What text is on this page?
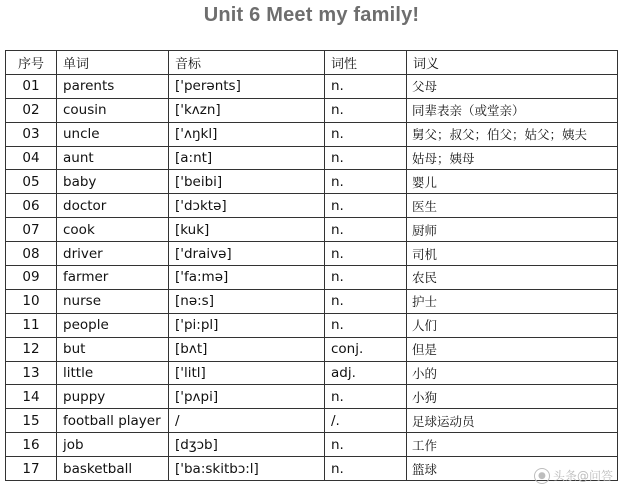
Unit 6 Meet my family!
序号	单词	音标	词性	词义
01	parents	['perənts]	n.	父母
02	cousin	['kʌzn]	n.	同辈表亲（或堂亲）
03	uncle	['ʌŋkl]	n.	舅父；叔父；伯父；姑父；姨夫
04	aunt	[a:nt]	n.	姑母；姨母
05	baby	['beibi]	n.	婴儿
06	doctor	['dɔktə]	n.	医生
07	cook	[kuk]	n.	厨师
08	driver	['draivə]	n.	司机
09	farmer	['fa:mə]	n.	农民
10	nurse	[nə:s]	n.	护士
11	people	['pi:pl]	n.	人们
12	but	[bʌt]	conj.	但是
13	little	['litl]	adj.	小的
14	puppy	['pʌpi]	n.	小狗
15	football player	/	/.	足球运动员
16	job	[dʒɔb]	n.	工作
17	basketball	['ba:skitbɔ:l]	n.	篮球	● 头条@问答
